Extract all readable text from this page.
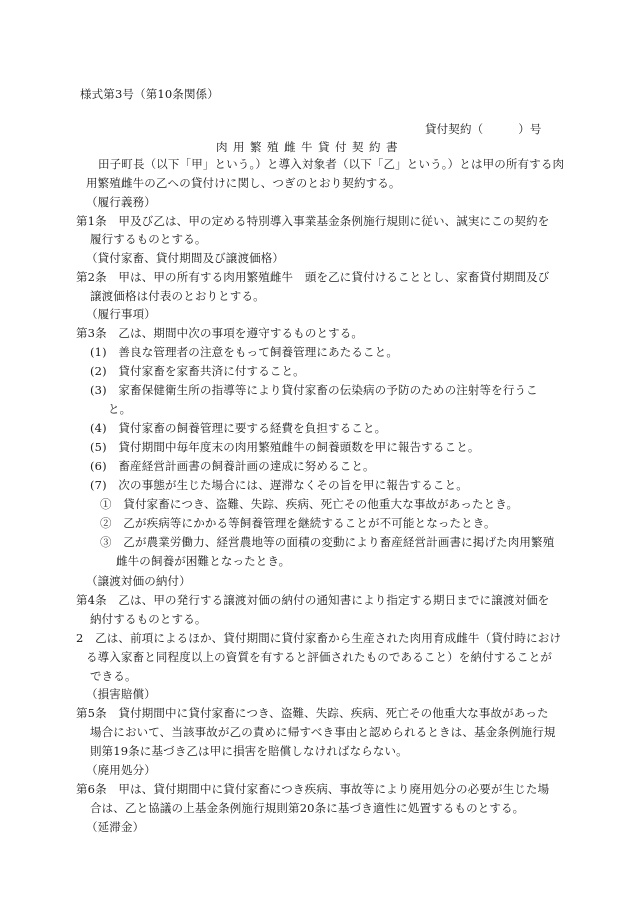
様式第3号（第10条関係）
貸付契約（　　　）号
肉用繁殖雌牛貸付契約書
田子町長（以下「甲」という。）と導入対象者（以下「乙」という。）とは甲の所有する肉
用繁殖雌牛の乙への貸付けに関し、つぎのとおり契約する。
（履行義務）
第1条　甲及び乙は、甲の定める特別導入事業基金条例施行規則に従い、誠実にこの契約を
履行するものとする。
（貸付家畜、貸付期間及び譲渡価格）
第2条　甲は、甲の所有する肉用繁殖雌牛　頭を乙に貸付けることとし、家畜貸付期間及び
譲渡価格は付表のとおりとする。
（履行事項）
第3条　乙は、期間中次の事項を遵守するものとする。
(1)　善良な管理者の注意をもって飼養管理にあたること。
(2)　貸付家畜を家畜共済に付すること。
(3)　家畜保健衛生所の指導等により貸付家畜の伝染病の予防のための注射等を行うこ
と。
(4)　貸付家畜の飼養管理に要する経費を負担すること。
(5)　貸付期間中毎年度末の肉用繁殖雌牛の飼養頭数を甲に報告すること。
(6)　畜産経営計画書の飼養計画の達成に努めること。
(7)　次の事態が生じた場合には、遅滞なくその旨を甲に報告すること。
①　貸付家畜につき、盗難、失踪、疾病、死亡その他重大な事故があったとき。
②　乙が疾病等にかかる等飼養管理を継続することが不可能となったとき。
③　乙が農業労働力、経営農地等の面積の変動により畜産経営計画書に掲げた肉用繁殖
雌牛の飼養が困難となったとき。
（譲渡対価の納付）
第4条　乙は、甲の発行する譲渡対価の納付の通知書により指定する期日までに譲渡対価を
納付するものとする。
2　乙は、前項によるほか、貸付期間に貸付家畜から生産された肉用育成雌牛（貸付時におけ
る導入家畜と同程度以上の資質を有すると評価されたものであること）を納付することが
できる。
（損害賠償）
第5条　貸付期間中に貸付家畜につき、盗難、失踪、疾病、死亡その他重大な事故があった
場合において、当該事故が乙の責めに帰すべき事由と認められるときは、基金条例施行規
則第19条に基づき乙は甲に損害を賠償しなければならない。
（廃用処分）
第6条　甲は、貸付期間中に貸付家畜につき疾病、事故等により廃用処分の必要が生じた場
合は、乙と協議の上基金条例施行規則第20条に基づき適性に処置するものとする。
（延滞金）
